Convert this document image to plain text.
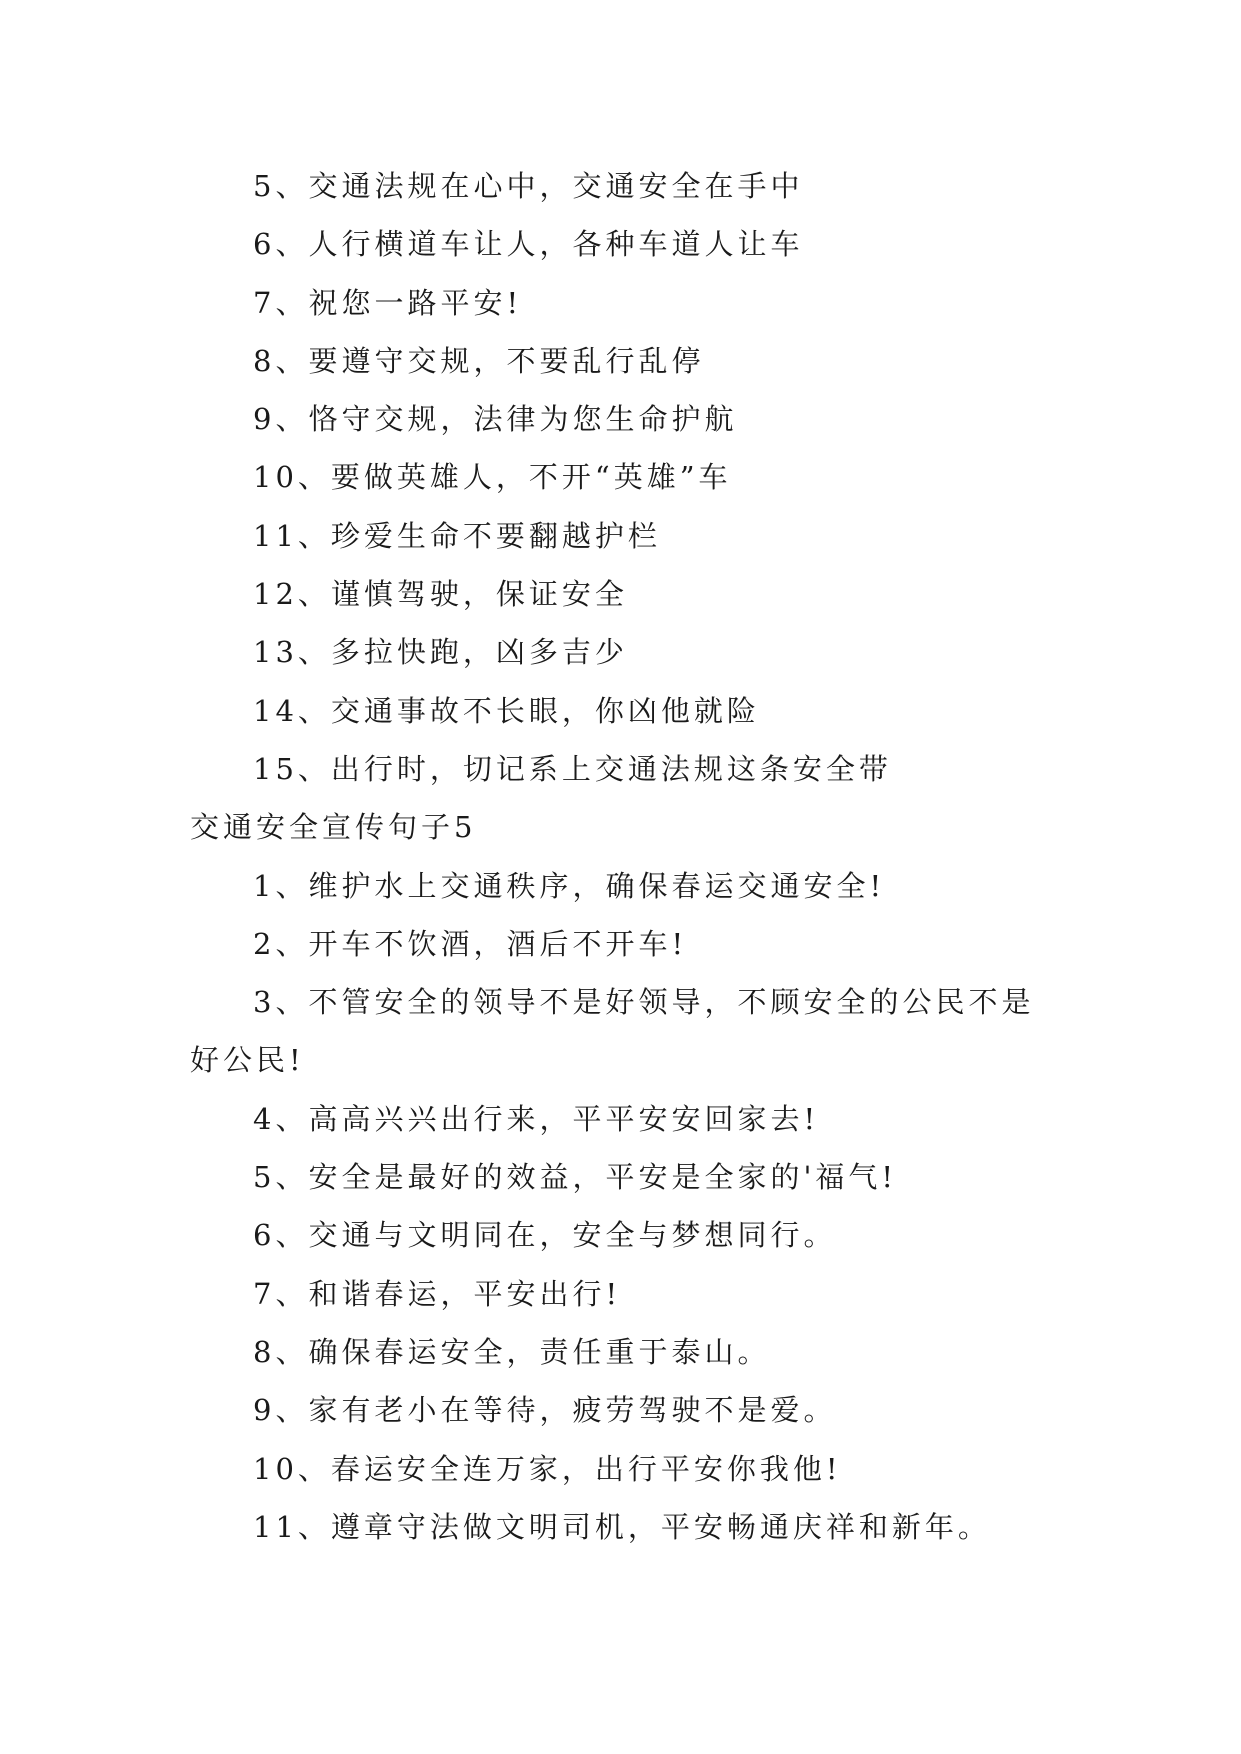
5、交通法规在心中，交通安全在手中
6、人行横道车让人，各种车道人让车
7、祝您一路平安!
8、要遵守交规，不要乱行乱停
9、恪守交规，法律为您生命护航
10、要做英雄人，不开“英雄”车
11、珍爱生命不要翻越护栏
12、谨慎驾驶，保证安全
13、多拉快跑，凶多吉少
14、交通事故不长眼，你凶他就险
15、出行时，切记系上交通法规这条安全带
交通安全宣传句子5
1、维护水上交通秩序，确保春运交通安全!
2、开车不饮酒，酒后不开车!
3、不管安全的领导不是好领导，不顾安全的公民不是
好公民!
4、高高兴兴出行来，平平安安回家去!
5、安全是最好的效益，平安是全家的'福气!
6、交通与文明同在，安全与梦想同行。
7、和谐春运，平安出行!
8、确保春运安全，责任重于泰山。
9、家有老小在等待，疲劳驾驶不是爱。
10、春运安全连万家，出行平安你我他!
11、遵章守法做文明司机，平安畅通庆祥和新年。
